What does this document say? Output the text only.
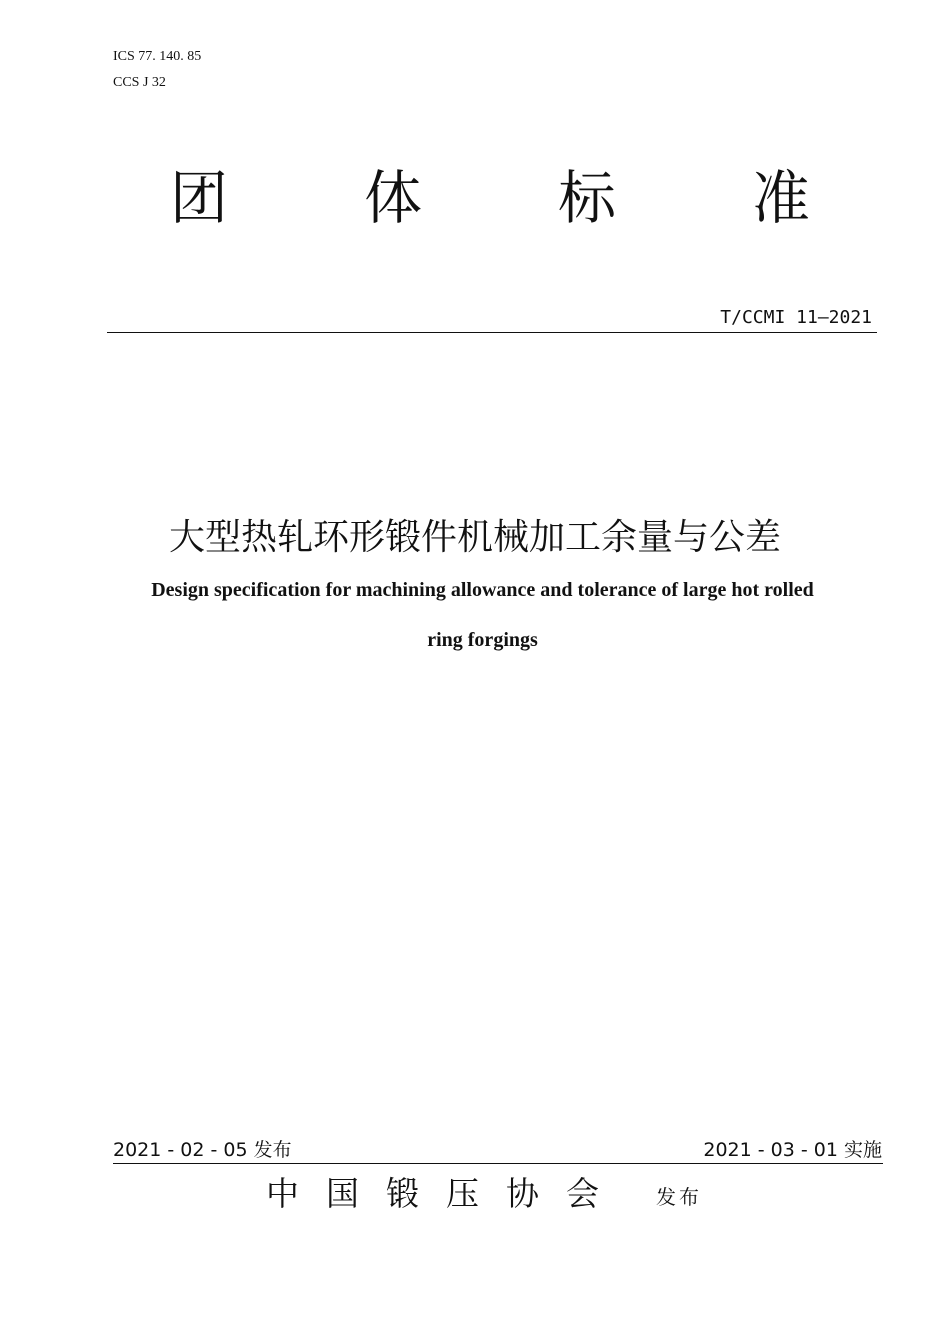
ICS 77. 140. 85
CCS J 32
团 体 标 准
T/CCMI 11—2021
大型热轧环形锻件机械加工余量与公差
Design specification for machining allowance and tolerance of large hot rolled
ring forgings
2021 - 02 - 05 发布	2021 - 03 - 01 实施
中国锻压协会 发布
